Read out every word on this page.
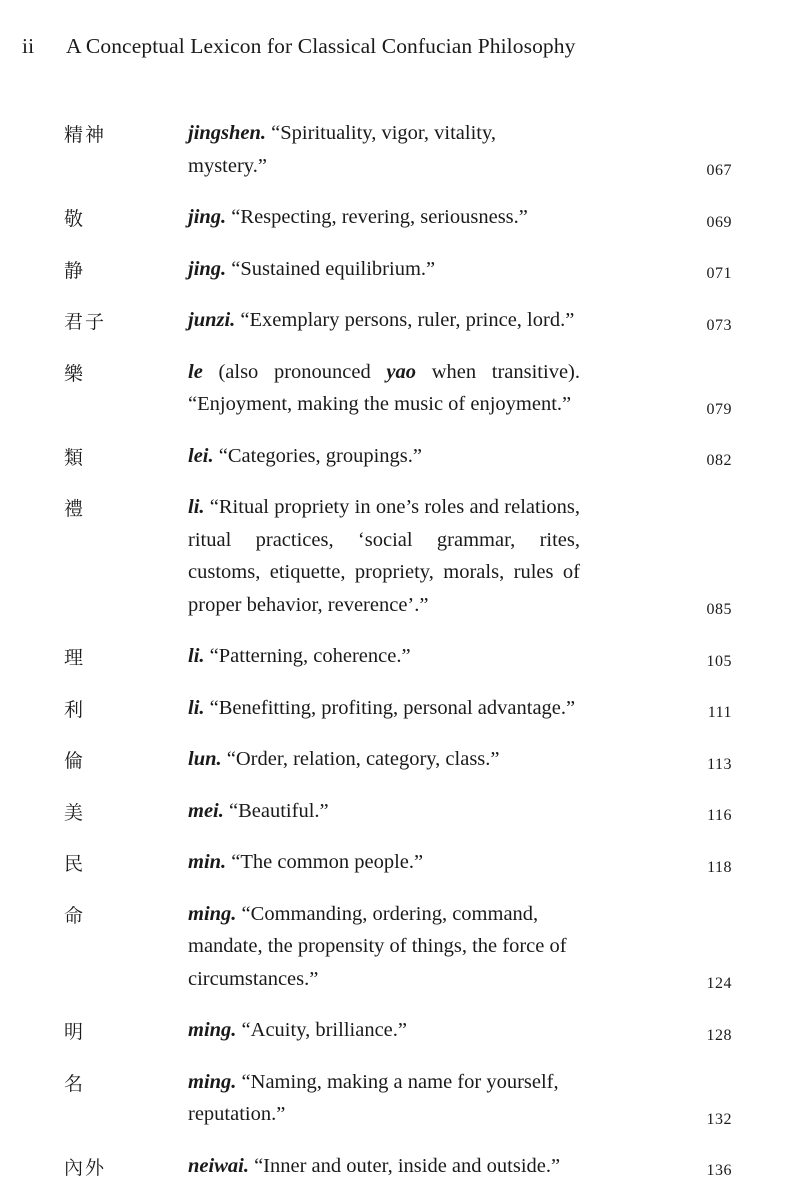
ii A Conceptual Lexicon for Classical Confucian Philosophy
精神	jingshen. “Spirituality, vigor, vitality, mystery.”	067
敬	jing. “Respecting, revering, seriousness.”	069
静	jing. “Sustained equilibrium.”	071
君子	junzi. “Exemplary persons, ruler, prince, lord.”	073
樂	le (also pronounced yao when transitive). “Enjoyment, making the music of enjoyment.”	079
類	lei. “Categories, groupings.”	082
禮	li. “Ritual propriety in one’s roles and relations, ritual practices, ‘social grammar, rites, customs, etiquette, propriety, morals, rules of proper behavior, reverence’.”	085
理	li. “Patterning, coherence.”	105
利	li. “Benefitting, profiting, personal advantage.”	111
倫	lun. “Order, relation, category, class.”	113
美	mei. “Beautiful.”	116
民	min. “The common people.”	118
命	ming. “Commanding, ordering, command, mandate, the propensity of things, the force of circumstances.”	124
明	ming. “Acuity, brilliance.”	128
名	ming. “Naming, making a name for yourself, reputation.”	132
內外	neiwai. “Inner and outer, inside and outside.”	136
